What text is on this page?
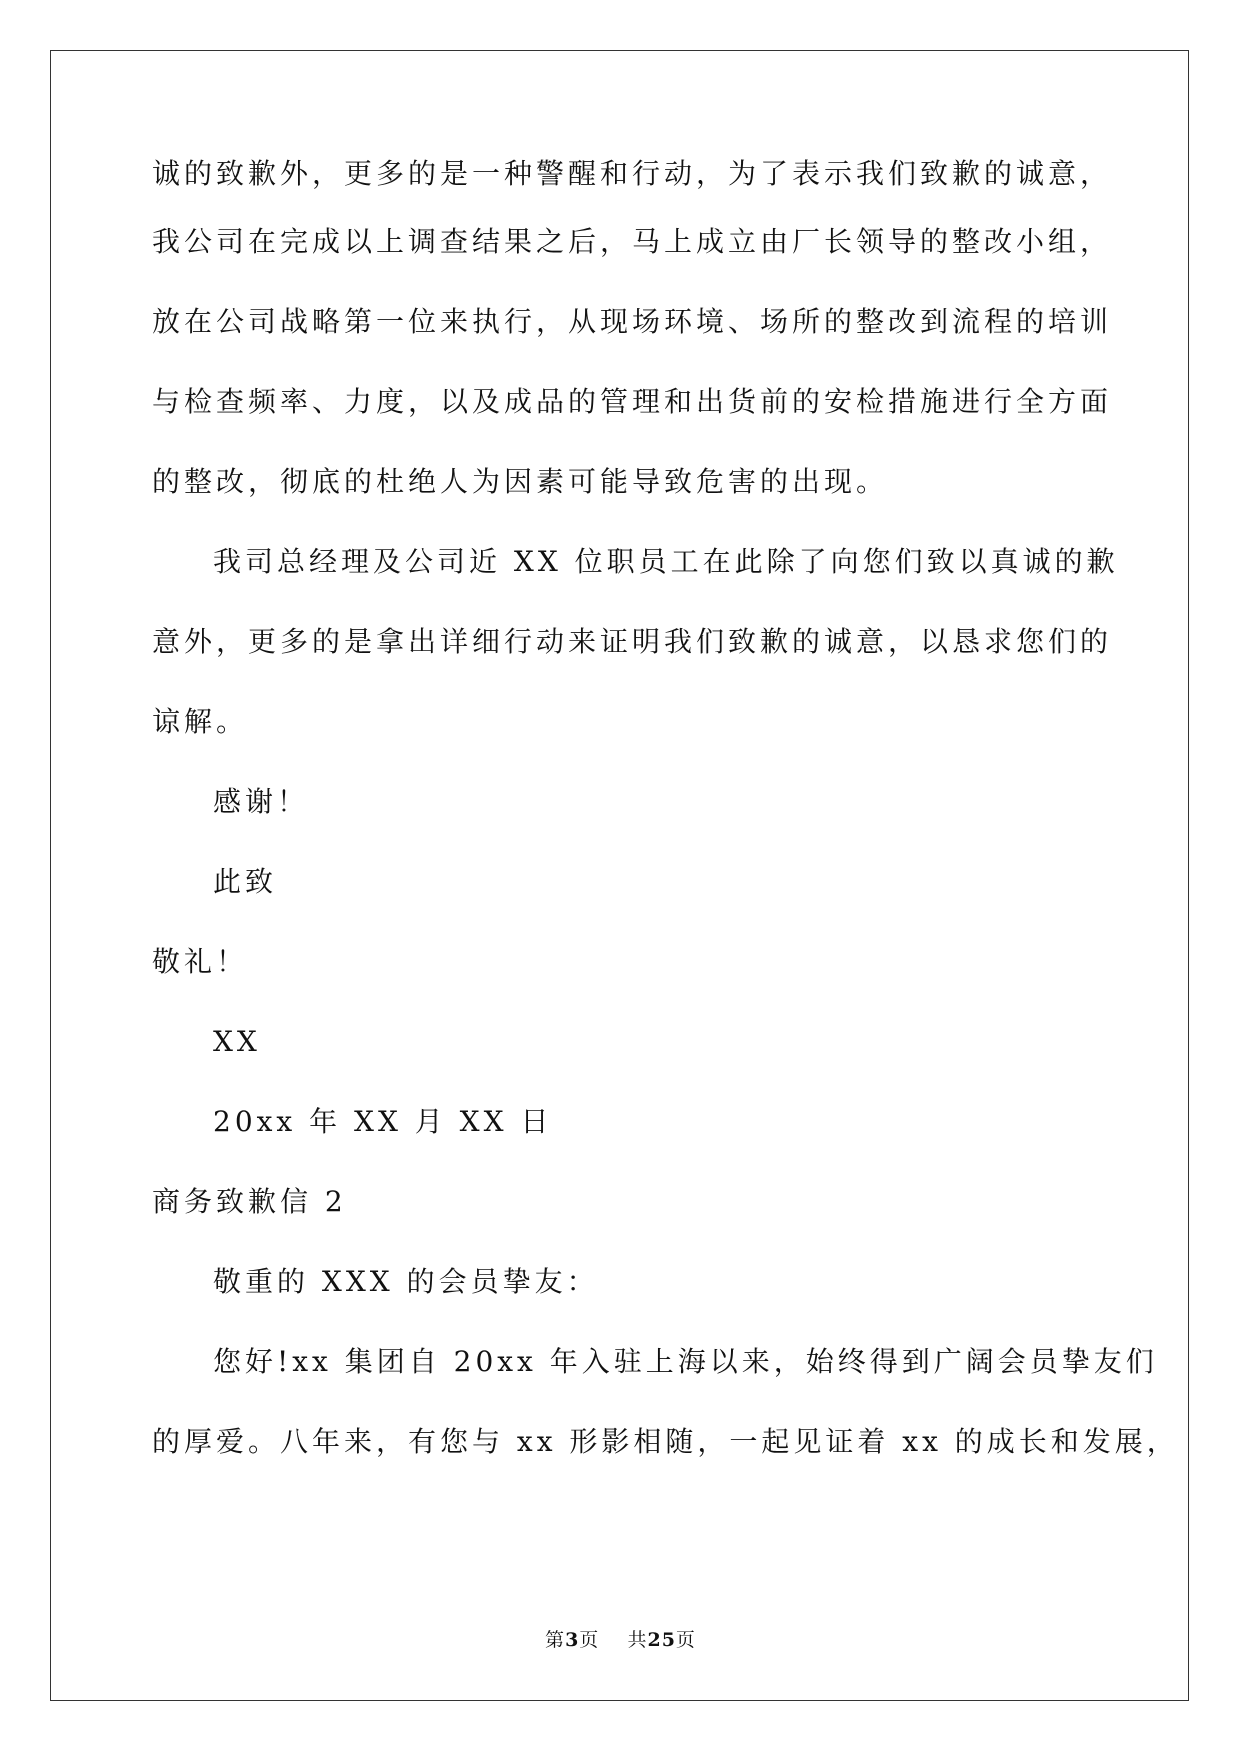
诚的致歉外，更多的是一种警醒和行动，为了表示我们致歉的诚意，
我公司在完成以上调查结果之后，马上成立由厂长领导的整改小组，
放在公司战略第一位来执行，从现场环境、场所的整改到流程的培训
与检查频率、力度，以及成品的管理和出货前的安检措施进行全方面
的整改，彻底的杜绝人为因素可能导致危害的出现。
我司总经理及公司近 XX 位职员工在此除了向您们致以真诚的歉
意外，更多的是拿出详细行动来证明我们致歉的诚意，以恳求您们的
谅解。
感谢！
此致
敬礼！
XX
20xx 年 XX 月 XX 日
商务致歉信 2
敬重的 XXX 的会员挚友：
您好!xx 集团自 20xx 年入驻上海以来，始终得到广阔会员挚友们
的厚爱。八年来，有您与 xx 形影相随，一起见证着 xx 的成长和发展，
第3页    共25页
